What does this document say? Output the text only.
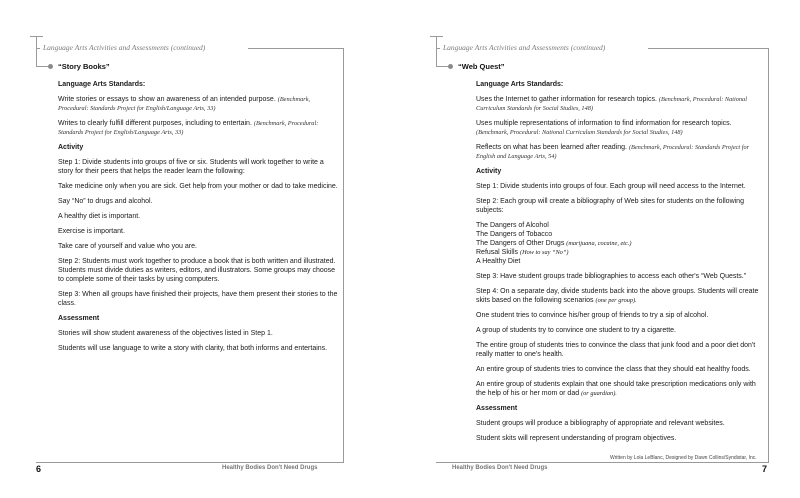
Language Arts Activities and Assessments (continued)
“Story Books”

Language Arts Standards:

Write stories or essays to show an awareness of an intended purpose. (Benchmark, Procedural: Standards Project for English/Language Arts, 33)

Writes to clearly fulfill different purposes, including to entertain. (Benchmark, Procedural: Standards Project for English/Language Arts, 33)

Activity

Step 1: Divide students into groups of five or six. Students will work together to write a story for their peers that helps the reader learn the following:

Take medicine only when you are sick. Get help from your mother or dad to take medicine.

Say “No” to drugs and alcohol.

A healthy diet is important.

Exercise is important.

Take care of yourself and value who you are.

Step 2: Students must work together to produce a book that is both written and illustrated. Students must divide duties as writers, editors, and illustrators. Some groups may choose to complete some of their tasks by using computers.

Step 3: When all groups have finished their projects, have them present their stories to the class.

Assessment

Stories will show student awareness of the objectives listed in Step 1.

Students will use language to write a story with clarity, that both informs and entertains.

6	Healthy Bodies Don't Need Drugs
Language Arts Activities and Assessments (continued)
“Web Quest”

Language Arts Standards:

Uses the Internet to gather information for research topics. (Benchmark, Procedural: National Curriculum Standards for Social Studies, 148)

Uses multiple representations of information to find information for research topics. (Benchmark, Procedural: National Curriculum Standards for Social Studies, 148)

Reflects on what has been learned after reading. (Benchmark, Procedural: Standards Project for English and Language Arts, 54)

Activity

Step 1: Divide students into groups of four. Each group will need access to the Internet.

Step 2: Each group will create a bibliography of Web sites for students on the following subjects:

The Dangers of Alcohol
The Dangers of Tobacco
The Dangers of Other Drugs (marijuana, cocaine, etc.)
Refusal Skills (How to say “No”)
A Healthy Diet

Step 3: Have student groups trade bibliographies to access each other's “Web Quests.”

Step 4: On a separate day, divide students back into the above groups. Students will create skits based on the following scenarios (one per group).

One student tries to convince his/her group of friends to try a sip of alcohol.

A group of students try to convince one student to try a cigarette.

The entire group of students tries to convince the class that junk food and a poor diet don't really matter to one's health.

An entire group of students tries to convince the class that they should eat healthy foods.

An entire group of students explain that one should take prescription medications only with the help of his or her mom or dad (or guardian).

Assessment

Student groups will produce a bibliography of appropriate and relevant websites.

Student skits will represent understanding of program objectives.

Written by Lola LeBlanc, Designed by Dawn Collins/Syndistar, Inc.
Healthy Bodies Don't Need Drugs	7
